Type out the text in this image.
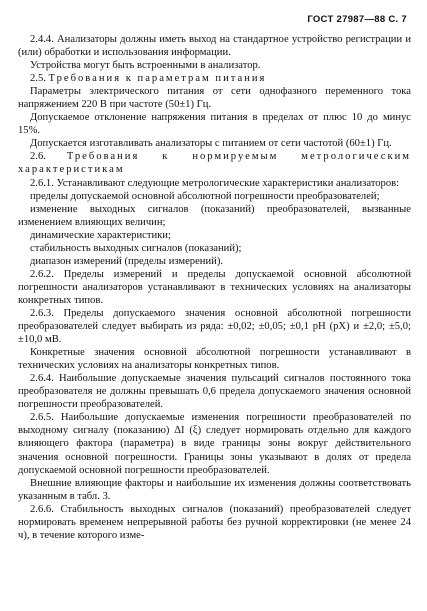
ГОСТ 27987—88 С. 7

2.4.4. Анализаторы должны иметь выход на стандартное устройство регистрации и (или) обработки и использования информации.

Устройства могут быть встроенными в анализатор.

2.5. Требования к параметрам питания

Параметры электрического питания от сети однофазного переменного тока напряжением 220 В при частоте (50±1) Гц.

Допускаемое отклонение напряжения питания в пределах от плюс 10 до минус 15%.

Допускается изготавливать анализаторы с питанием от сети частотой (60±1) Гц.

2.6. Требования к нормируемым метрологическим характеристикам

2.6.1. Устанавливают следующие метрологические характеристики анализаторов:

пределы допускаемой основной абсолютной погрешности преобразователей;

изменение выходных сигналов (показаний) преобразователей, вызванные изменением влияющих величин;

динамические характеристики;

стабильность выходных сигналов (показаний);

диапазон измерений (пределы измерений).

2.6.2. Пределы измерений и пределы допускаемой основной абсолютной погрешности анализаторов устанавливают в технических условиях на анализаторы конкретных типов.

2.6.3. Пределы допускаемого значения основной абсолютной погрешности преобразователей следует выбирать из ряда: ±0,02; ±0,05; ±0,1 pH (pX) и ±2,0; ±5,0; ±10,0 мВ.

Конкретные значения основной абсолютной погрешности устанавливают в технических условиях на анализаторы конкретных типов.

2.6.4. Наибольшие допускаемые значения пульсаций сигналов постоянного тока преобразователя не должны превышать 0,6 предела допускаемого значения основной погрешности преобразователей.

2.6.5. Наибольшие допускаемые изменения погрешности преобразователей по выходному сигналу (показанию) ΔI (ξ) следует нормировать отдельно для каждого влияющего фактора (параметра) в виде границы зоны вокруг действительного значения основной погрешности. Границы зоны указывают в долях от предела допускаемой основной погрешности преобразователей.

Внешние влияющие факторы и наибольшие их изменения должны соответствовать указанным в табл. 3.

2.6.6. Стабильность выходных сигналов (показаний) преобразователей следует нормировать временем непрерывной работы без ручной корректировки (не менее 24 ч), в течение которого изме-
